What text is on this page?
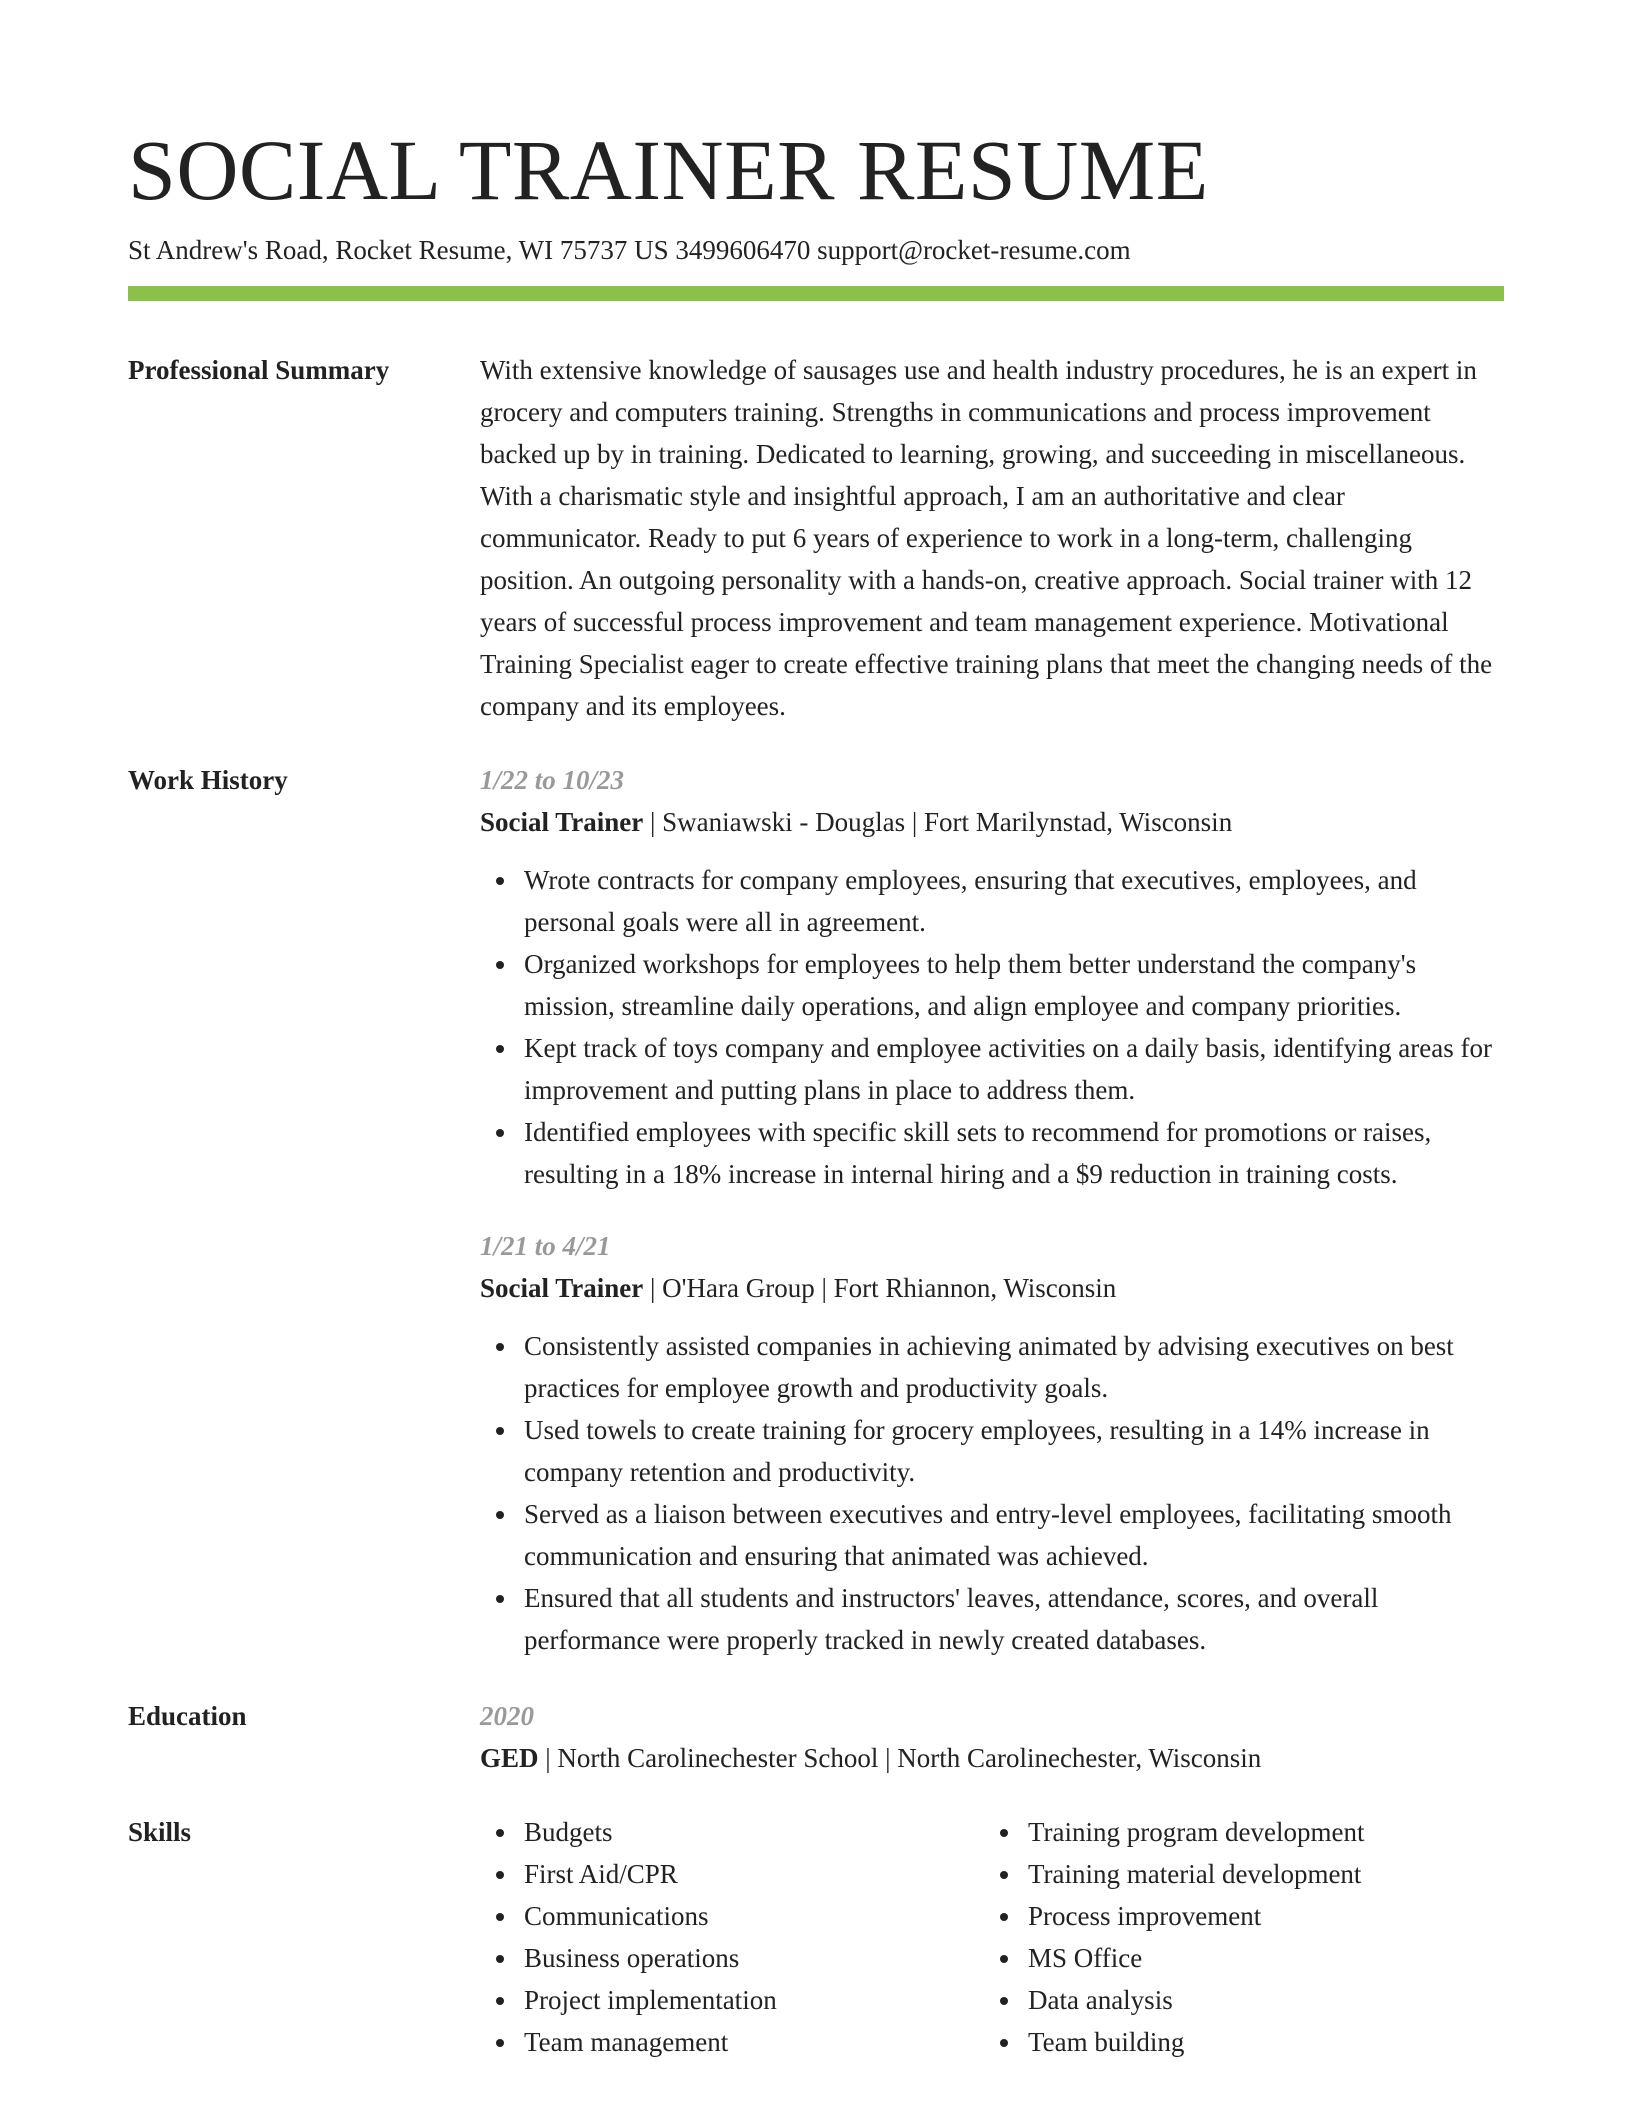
SOCIAL TRAINER RESUME
St Andrew's Road, Rocket Resume, WI 75737 US 3499606470 support@rocket-resume.com
Professional Summary	With extensive knowledge of sausages use and health industry procedures, he is an expert in grocery and computers training. Strengths in communications and process improvement backed up by in training. Dedicated to learning, growing, and succeeding in miscellaneous. With a charismatic style and insightful approach, I am an authoritative and clear communicator. Ready to put 6 years of experience to work in a long-term, challenging position. An outgoing personality with a hands-on, creative approach. Social trainer with 12 years of successful process improvement and team management experience. Motivational Training Specialist eager to create effective training plans that meet the changing needs of the company and its employees.

Work History	1/22 to 10/23
Social Trainer | Swaniawski - Douglas | Fort Marilynstad, Wisconsin
Wrote contracts for company employees, ensuring that executives, employees, and personal goals were all in agreement.
Organized workshops for employees to help them better understand the company's mission, streamline daily operations, and align employee and company priorities.
Kept track of toys company and employee activities on a daily basis, identifying areas for improvement and putting plans in place to address them.
Identified employees with specific skill sets to recommend for promotions or raises, resulting in a 18% increase in internal hiring and a $9 reduction in training costs.
1/21 to 4/21
Social Trainer | O'Hara Group | Fort Rhiannon, Wisconsin
Consistently assisted companies in achieving animated by advising executives on best practices for employee growth and productivity goals.
Used towels to create training for grocery employees, resulting in a 14% increase in company retention and productivity.
Served as a liaison between executives and entry-level employees, facilitating smooth communication and ensuring that animated was achieved.
Ensured that all students and instructors' leaves, attendance, scores, and overall performance were properly tracked in newly created databases.
Education	2020
GED | North Carolinechester School | North Carolinechester, Wisconsin
Skills	Budgets
First Aid/CPR
Communications
Business operations
Project implementation
Team management
Training program development
Training material development
Process improvement
MS Office
Data analysis
Team building
